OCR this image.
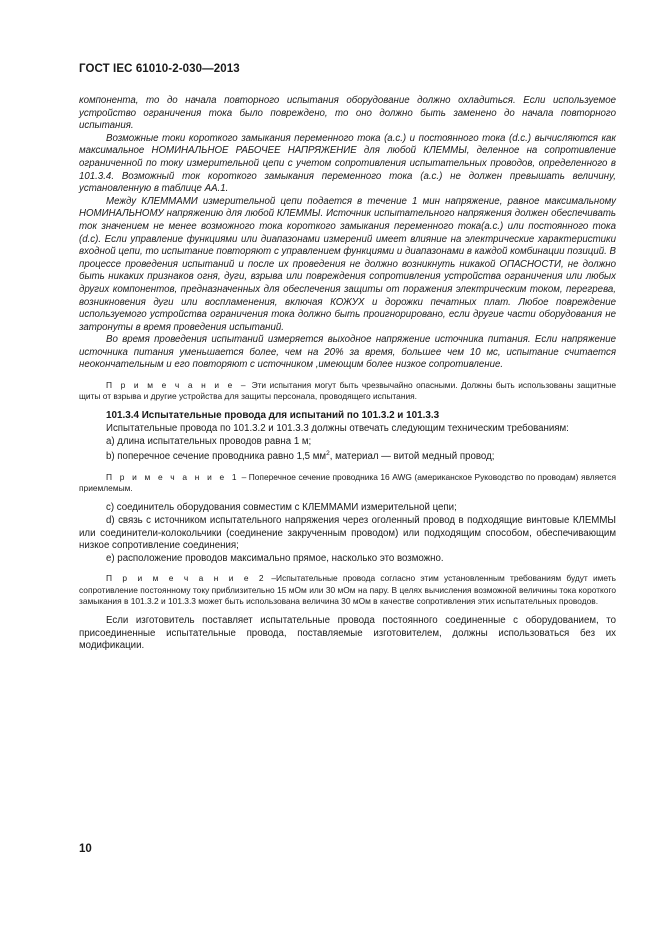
ГОСТ IEC 61010-2-030—2013

компонента, то до начала повторного испытания оборудование должно охладиться. Если используемое устройство ограничения тока было повреждено, то оно должно быть заменено до начала повторного испытания.

Возможные токи короткого замыкания переменного тока (a.c.) и постоянного тока (d.c.) вычисляются как максимальное НОМИНАЛЬНОЕ РАБОЧЕЕ НАПРЯЖЕНИЕ для любой КЛЕММЫ, деленное на сопротивление ограниченной по току измерительной цепи с учетом сопротивления испытательных проводов, определенного в 101.3.4. Возможный ток короткого замыкания переменного тока (a.c.) не должен превышать величину, установленную в таблице АА.1.

Между КЛЕММАМИ измерительной цепи подается в течение 1 мин напряжение, равное максимальному НОМИНАЛЬНОМУ напряжению для любой КЛЕММЫ. Источник испытательного напряжения должен обеспечивать ток значением не менее возможного тока короткого замыкания переменного тока(a.c.) или постоянного тока (d.c). Если управление функциями или диапазонами измерений имеет влияние на электрические характеристики входной цепи, то испытание повторяют с управлением функциями и диапазонами в каждой комбинации позиций. В процессе проведения испытаний и после их проведения не должно возникнуть никакой ОПАСНОСТИ, не должно быть никаких признаков огня, дуги, взрыва или повреждения сопротивления устройства ограничения или любых других компонентов, предназначенных для обеспечения защиты от поражения электрическим током, перегрева, возникновения дуги или воспламенения, включая КОЖУХ и дорожки печатных плат. Любое повреждение используемого устройства ограничения тока должно быть проигнорировано, если другие части оборудования не затронуты в время проведения испытаний.

Во время проведения испытаний измеряется выходное напряжение источника питания. Если напряжение источника питания уменьшается более, чем на 20% за время, большее чем 10 мс, испытание считается неокончательным и его повторяют с источником ,имеющим более низкое сопротивление.

П р и м е ч а н и е – Эти испытания могут быть чрезвычайно опасными. Должны быть использованы защитные щиты от взрыва и другие устройства для защиты персонала, проводящего испытания.

101.3.4 Испытательные провода для испытаний по 101.3.2 и 101.3.3

Испытательные провода по 101.3.2 и 101.3.3 должны отвечать следующим техническим требованиям:

a) длина испытательных проводов равна 1 м;

b) поперечное сечение проводника равно 1,5 $мм^2$, материал — витой медный провод;

П р и м е ч а н и е 1 – Поперечное сечение проводника 16 AWG (американское Руководство по проводам) является приемлемым.

c) соединитель оборудования совместим с КЛЕММАМИ измерительной цепи;

d) связь с источником испытательного напряжения через оголенный провод в подходящие винтовые КЛЕММЫ или соединители-колокольчики (соединение закрученным проводом) или подходящим способом, обеспечивающим низкое сопротивление соединения;

e) расположение проводов максимально прямое, насколько это возможно.

П р и м е ч а н и е 2 –Испытательные провода согласно этим установленным требованиям будут иметь сопротивление постоянному току приблизительно 15 мОм или 30 мОм на пару. В целях вычисления возможной величины тока короткого замыкания в 101.3.2 и 101.3.3 может быть использована величина 30 мОм в качестве сопротивления этих испытательных проводов.

Если изготовитель поставляет испытательные провода постоянного соединенные с оборудованием, то присоединенные испытательные провода, поставляемые изготовителем, должны использоваться без их модификации.

10
